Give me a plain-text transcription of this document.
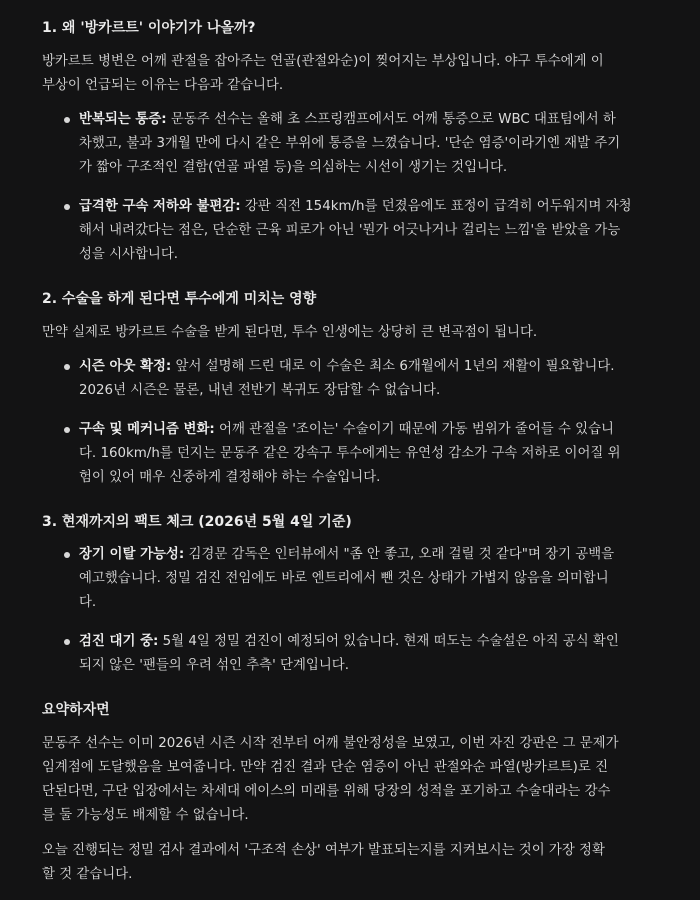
1. 왜 '방카르트' 이야기가 나올까?

방카르트 병변은 어깨 관절을 잡아주는 연골(관절와순)이 찢어지는 부상입니다. 야구 투수에게 이
부상이 언급되는 이유는 다음과 같습니다.

반복되는 통증: 문동주 선수는 올해 초 스프링캠프에서도 어깨 통증으로 WBC 대표팀에서 하
차했고, 불과 3개월 만에 다시 같은 부위에 통증을 느꼈습니다. '단순 염증'이라기엔 재발 주기
가 짧아 구조적인 결함(연골 파열 등)을 의심하는 시선이 생기는 것입니다.
급격한 구속 저하와 불편감: 강판 직전 154km/h를 던졌음에도 표정이 급격히 어두워지며 자청
해서 내려갔다는 점은, 단순한 근육 피로가 아닌 '뭔가 어긋나거나 걸리는 느낌'을 받았을 가능
성을 시사합니다.
2. 수술을 하게 된다면 투수에게 미치는 영향

만약 실제로 방카르트 수술을 받게 된다면, 투수 인생에는 상당히 큰 변곡점이 됩니다.

시즌 아웃 확정: 앞서 설명해 드린 대로 이 수술은 최소 6개월에서 1년의 재활이 필요합니다.
2026년 시즌은 물론, 내년 전반기 복귀도 장담할 수 없습니다.
구속 및 메커니즘 변화: 어깨 관절을 '조이는' 수술이기 때문에 가동 범위가 줄어들 수 있습니
다. 160km/h를 던지는 문동주 같은 강속구 투수에게는 유연성 감소가 구속 저하로 이어질 위
험이 있어 매우 신중하게 결정해야 하는 수술입니다.
3. 현재까지의 팩트 체크 (2026년 5월 4일 기준)
장기 이탈 가능성: 김경문 감독은 인터뷰에서 "좀 안 좋고, 오래 걸릴 것 같다"며 장기 공백을
예고했습니다. 정밀 검진 전임에도 바로 엔트리에서 뺀 것은 상태가 가볍지 않음을 의미합니
다.
검진 대기 중: 5월 4일 정밀 검진이 예정되어 있습니다. 현재 떠도는 수술설은 아직 공식 확인
되지 않은 '팬들의 우려 섞인 추측' 단계입니다.
요약하자면

문동주 선수는 이미 2026년 시즌 시작 전부터 어깨 불안정성을 보였고, 이번 자진 강판은 그 문제가
임계점에 도달했음을 보여줍니다. 만약 검진 결과 단순 염증이 아닌 관절와순 파열(방카르트)로 진
단된다면, 구단 입장에서는 차세대 에이스의 미래를 위해 당장의 성적을 포기하고 수술대라는 강수
를 둘 가능성도 배제할 수 없습니다.

오늘 진행되는 정밀 검사 결과에서 '구조적 손상' 여부가 발표되는지를 지켜보시는 것이 가장 정확
할 것 같습니다.
